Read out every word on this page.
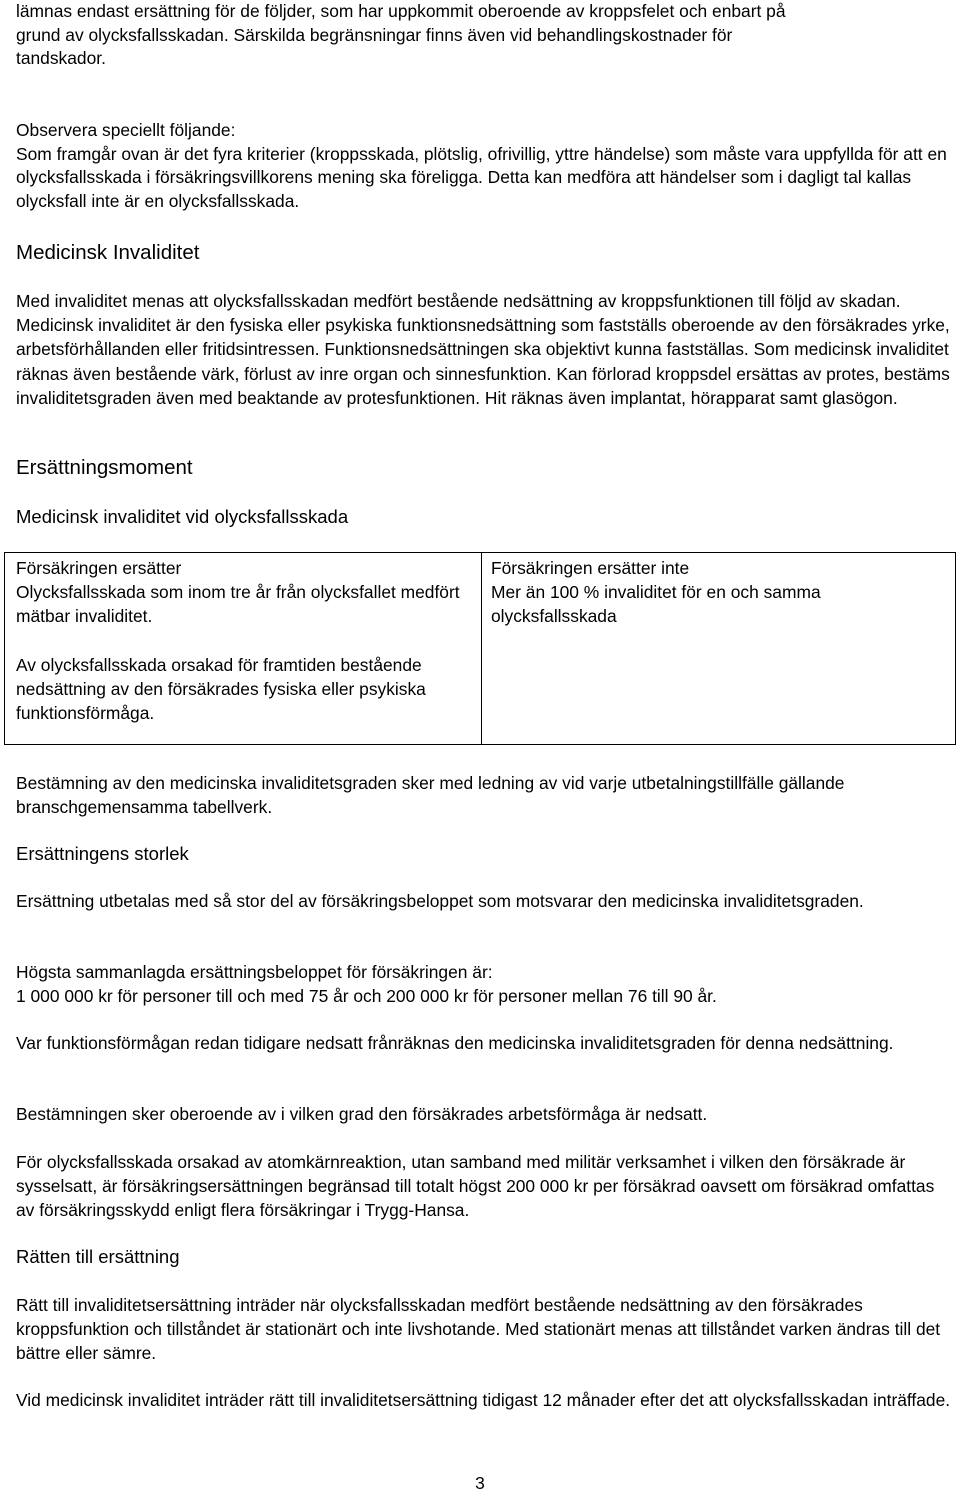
lämnas endast ersättning för de följder, som har uppkommit oberoende av kroppsfelet och enbart på
grund av olycksfallsskadan. Särskilda begränsningar finns även vid behandlingskostnader för
tandskador.

Observera speciellt följande:
Som framgår ovan är det fyra kriterier (kroppsskada, plötslig, ofrivillig, yttre händelse) som måste vara uppfyllda för att en olycksfallsskada i försäkringsvillkorens mening ska föreligga. Detta kan medföra att händelser som i dagligt tal kallas olycksfall inte är en olycksfallsskada.

Medicinsk Invaliditet

Med invaliditet menas att olycksfallsskadan medfört bestående nedsättning av kroppsfunktionen till följd av skadan. Medicinsk invaliditet är den fysiska eller psykiska funktionsnedsättning som fastställs oberoende av den försäkrades yrke, arbetsförhållanden eller fritidsintressen. Funktionsnedsättningen ska objektivt kunna fastställas. Som medicinsk invaliditet räknas även bestående värk, förlust av inre organ och sinnesfunktion. Kan förlorad kroppsdel ersättas av protes, bestäms invaliditetsgraden även med beaktande av protesfunktionen. Hit räknas även implantat, hörapparat samt glasögon.

Ersättningsmoment
Medicinsk invaliditet vid olycksfallsskada
Försäkringen ersätter
Olycksfallsskada som inom tre år från olycksfallet medfört mätbar invaliditet.
Av olycksfallsskada orsakad för framtiden bestående nedsättning av den försäkrades fysiska eller psykiska funktionsförmåga.
Försäkringen ersätter inte
Mer än 100 % invaliditet för en och samma olycksfallsskada

Bestämning av den medicinska invaliditetsgraden sker med ledning av vid varje utbetalningstillfälle gällande branschgemensamma tabellverk.

Ersättningens storlek

Ersättning utbetalas med så stor del av försäkringsbeloppet som motsvarar den medicinska invaliditetsgraden.

Högsta sammanlagda ersättningsbeloppet för försäkringen är:
1 000 000 kr för personer till och med 75 år och 200 000 kr för personer mellan 76 till 90 år.

Var funktionsförmågan redan tidigare nedsatt frånräknas den medicinska invaliditetsgraden för denna nedsättning.

Bestämningen sker oberoende av i vilken grad den försäkrades arbetsförmåga är nedsatt.

För olycksfallsskada orsakad av atomkärnreaktion, utan samband med militär verksamhet i vilken den försäkrade är sysselsatt, är försäkringsersättningen begränsad till totalt högst 200 000 kr per försäkrad oavsett om försäkrad omfattas av försäkringsskydd enligt flera försäkringar i Trygg-Hansa.

Rätten till ersättning

Rätt till invaliditetsersättning inträder när olycksfallsskadan medfört bestående nedsättning av den försäkrades kroppsfunktion och tillståndet är stationärt och inte livshotande. Med stationärt menas att tillståndet varken ändras till det bättre eller sämre.

Vid medicinsk invaliditet inträder rätt till invaliditetsersättning tidigast 12 månader efter det att olycksfallsskadan inträffade.

3
